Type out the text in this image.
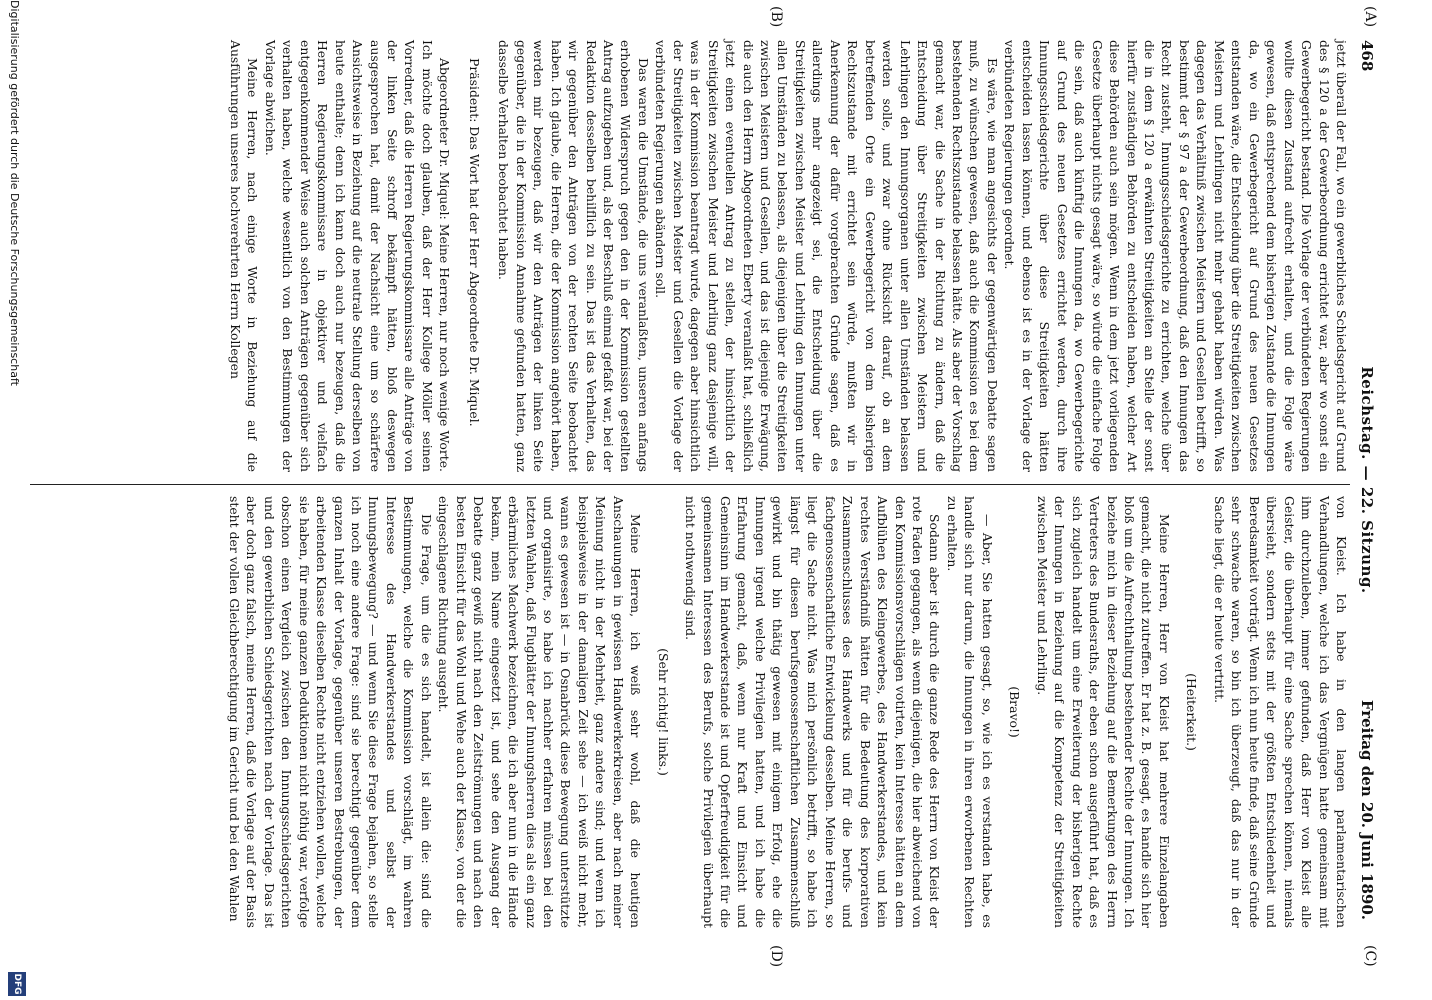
468
Reichstag. — 22. Sitzung.
Freitag den 20. Juni 1890.
(A)
(B)
(C)
(D)

jetzt überall der Fall, wo ein gewerbliches Schiedsgericht auf Grund des § 120 a der Gewerbeordnung errichtet war, aber wo sonst ein Gewerbegericht bestand. Die Vorlage der verbündeten Regierungen wollte diesen Zustand aufrecht erhalten, und die Folge wäre gewesen, daß entsprechend dem bisherigen Zustande die Innungen da, wo ein Gewerbegericht auf Grund des neuen Gesetzes entstanden wäre, die Entscheidung über die Streitigkeiten zwischen Meistern und Lehrlingen nicht mehr gehabt haben würden. Was dagegen das Verhältniß zwischen Meistern und Gesellen betrifft, so bestimmt der § 97 a der Gewerbeordnung, daß den Innungen das Recht zusteht, Innungsschiedsgerichte zu errichten, welche über die in dem § 120 a erwähnten Streitigkeiten an Stelle der sonst hierfür zuständigen Behörden zu entscheiden haben, welcher Art diese Behörden auch sein mögen. Wenn in dem jetzt vorliegenden Gesetze überhaupt nichts gesagt wäre, so würde die einfache Folge die sein, daß auch künftig die Innungen da, wo Gewerbegerichte auf Grund des neuen Gesetzes errichtet werden, durch ihre Innungsschiedsgerichte über diese Streitigkeiten hätten entscheiden lassen können, und ebenso ist es in der Vorlage der verbündeten Regierungen geordnet.

Es wäre, wie man angesichts der gegenwärtigen Debatte sagen muß, zu wünschen gewesen, daß auch die Kommission es bei dem bestehenden Rechtszustande belassen hätte. Als aber der Vorschlag gemacht war, die Sache in der Richtung zu ändern, daß die Entscheidung über Streitigkeiten zwischen Meistern und Lehrlingen den Innungsorganen unter allen Umständen belassen werden solle, und zwar ohne Rücksicht darauf, ob an dem betreffenden Orte ein Gewerbegericht von dem bisherigen Rechtszustande mit errichtet sein würde, mußten wir in Anerkennung der dafür vorgebrachten Gründe sagen, daß es allerdings mehr angezeigt sei, die Entscheidung über die Streitigkeiten zwischen Meister und Lehrling den Innungen unter allen Umständen zu belassen, als diejenigen über die Streitigkeiten zwischen Meistern und Gesellen, und das ist diejenige Erwägung, die auch den Herrn Abgeordneten Eberty veranlaßt hat, schließlich jetzt einen eventuellen Antrag zu stellen, der hinsichtlich der Streitigkeiten zwischen Meister und Lehrling ganz dasjenige will, was in der Kommission beantragt wurde, dagegen aber hinsichtlich der Streitigkeiten zwischen Meister und Gesellen die Vorlage der verbündeten Regierungen abändern soll.

Das waren die Umstände, die uns veranlaßten, unseren anfangs erhobenen Widerspruch gegen den in der Kommission gestellten Antrag aufzugeben und, als der Beschluß einmal gefaßt war, bei der Redaktion desselben behilflich zu sein. Das ist das Verhalten, das wir gegenüber den Anträgen von der rechten Seite beobachtet haben. Ich glaube, die Herren, die der Kommission angehört haben, werden mir bezeugen, daß wir den Anträgen der linken Seite gegenüber, die in der Kommission Annahme gefunden hatten, ganz dasselbe Verhalten beobachtet haben.

Präsident: Das Wort hat der Herr Abgeordnete Dr. Miquel.

Abgeordneter Dr. Miquel: Meine Herren, nur noch wenige Worte. Ich möchte doch glauben, daß der Herr Kollege Möller seinen Vorredner, daß die Herren Regierungskommissare alle Anträge von der linken Seite schroff bekämpft hätten, bloß deswegen ausgesprochen hat, damit der Nachsicht eine um so schärfere Ansichtsweise in Beziehung auf die neutrale Stellung derselben von heute enthalte; denn ich kann doch auch nur bezeugen, daß die Herren Regierungskommissare in objektiver und vielfach entgegenkommender Weise auch solchen Anträgen gegenüber sich verhalten haben, welche wesentlich von den Bestimmungen der Vorlage abwichen.

Meine Herren, nach einige Worte in Beziehung auf die Ausführungen unseres hochverehrten Herrn Kollegen

von Kleist. Ich habe in den langen parlamentarischen Verhandlungen, welche ich das Vergnügen hatte gemeinsam mit ihm durchzuleben, immer gefunden, daß Herr von Kleist alle Geister, die überhaupt für eine Sache sprechen können, niemals übersieht, sondern stets mit der größten Entschiedenheit und Beredsamkeit vorträgt. Wenn ich nun heute finde, daß seine Gründe sehr schwache waren, so bin ich überzeugt, daß das nur in der Sache liegt, die er heute vertritt.

(Heiterkeit.)

Meine Herren, Herr von Kleist hat mehrere Einzelangaben gemacht, die nicht zutreffen. Er hat z. B. gesagt, es handle sich hier bloß um die Aufrechthaltung bestehender Rechte der Innungen. Ich beziehe mich in dieser Beziehung auf die Bemerkungen des Herrn Vertreters des Bundesraths, der eben schon ausgeführt hat, daß es sich zugleich handelt um eine Erweiterung der bisherigen Rechte der Innungen in Beziehung auf die Kompetenz der Streitigkeiten zwischen Meister und Lehrling.

(Bravo!)

— Aber, Sie hatten gesagt, so, wie ich es verstanden habe, es handle sich nur darum, die Innungen in ihren erworbenen Rechten zu erhalten.

Sodann aber ist durch die ganze Rede des Herrn von Kleist der rote Faden gegangen, als wenn diejenigen, die hier abweichend von den Kommissionsvorschlägen votirten, kein Interesse hätten an dem Aufblühen des Kleingewerbes, des Handwerkerstandes, und kein rechtes Verständniß hätten für die Bedeutung des korporativen Zusammenschlusses des Handwerks und für die berufs- und fachgenossenschaftliche Entwickelung desselben. Meine Herren, so liegt die Sache nicht. Was mich persönlich betrifft, so habe ich längst für diesen berufsgenossenschaftlichen Zusammenschluß gewirkt und bin thätig gewesen mit einigem Erfolg, ehe die Innungen irgend welche Privilegien hatten, und ich habe die Erfahrung gemacht, daß, wenn nur Kraft und Einsicht und Gemeinsinn im Handwerkerstande ist und Opferfreudigkeit für die gemeinsamen Interessen des Berufs, solche Privilegien überhaupt nicht nothwendig sind.

(Sehr richtig! links.)

Meine Herren, ich weiß sehr wohl, daß die heutigen Anschauungen in gewissen Handwerkerkreisen, aber nach meiner Meinung nicht in der Mehrheit, ganz andere sind; und wenn ich beispielsweise in der damaligen Zeit sehe — ich weiß nicht mehr, wann es gewesen ist — in Osnabrück diese Bewegung unterstützte und organisirte, so habe ich nachher erfahren müssen bei den letzten Wahlen, daß Flugblätter der Innungsherren dies als ein ganz erbärmliches Machwerk bezeichnen, die ich aber nun in die Hände bekam, mein Name eingesetzt ist, und sehe den Ausgang der Debatte ganz gewiß nicht nach den Zeitströmungen und nach den besten Einsicht für das Wohl und Wehe auch der Klasse, von der die eingeschlagene Richtung ausgeht.

Die Frage, um die es sich handelt, ist allein die: sind die Bestimmungen, welche die Kommission vorschlägt, im wahren Interesse des Handwerkerstandes und selbst der Innungsbewegung? — und wenn Sie diese Frage bejahen, so stelle ich noch eine andere Frage: sind sie berechtigt gegenüber dem ganzen Inhalt der Vorlage, gegenüber unseren Bestrebungen, der arbeitenden Klasse dieselben Rechte nicht entziehen wollen, welche sie haben, für meine ganzen Deduktionen nicht nöthig war, verfolge obschon einen Vergleich zwischen den Innungsschiedsgerichten und den gewerblichen Schiedsgerichten nach der Vorlage. Das ist aber doch ganz falsch, meine Herren, daß die Vorlage auf der Basis steht der vollen Gleichberechtigung im Gericht und bei den Wahlen

Digitalisierung gefördert durch die Deutsche Forschungsgemeinschaft
DFG
